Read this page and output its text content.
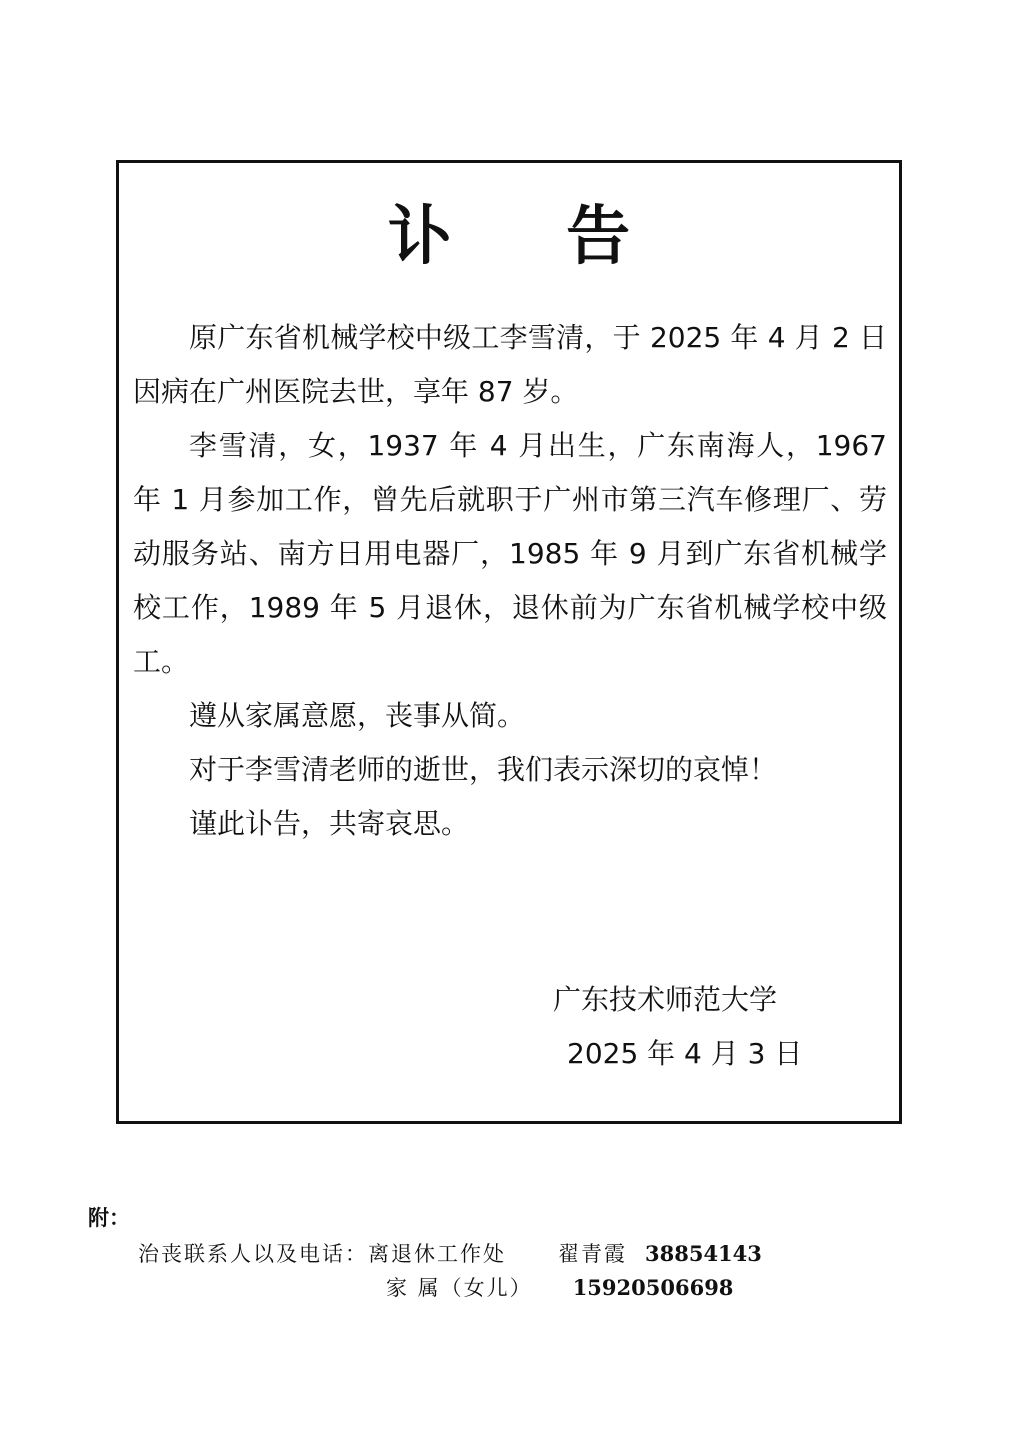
讣 告

原广东省机械学校中级工李雪清，于 2025 年 4 月 2 日因病在广州医院去世，享年 87 岁。

李雪清，女，1937 年 4 月出生，广东南海人，1967 年 1 月参加工作，曾先后就职于广州市第三汽车修理厂、劳动服务站、南方日用电器厂，1985 年 9 月到广东省机械学校工作，1989 年 5 月退休，退休前为广东省机械学校中级工。

遵从家属意愿，丧事从简。

对于李雪清老师的逝世，我们表示深切的哀悼！

谨此讣告，共寄哀思。

广东技术师范大学
2025 年 4 月 3 日
附：
治丧联系人以及电话：离退休工作处 翟青霞 38854143
家 属（女儿） 15920506698
